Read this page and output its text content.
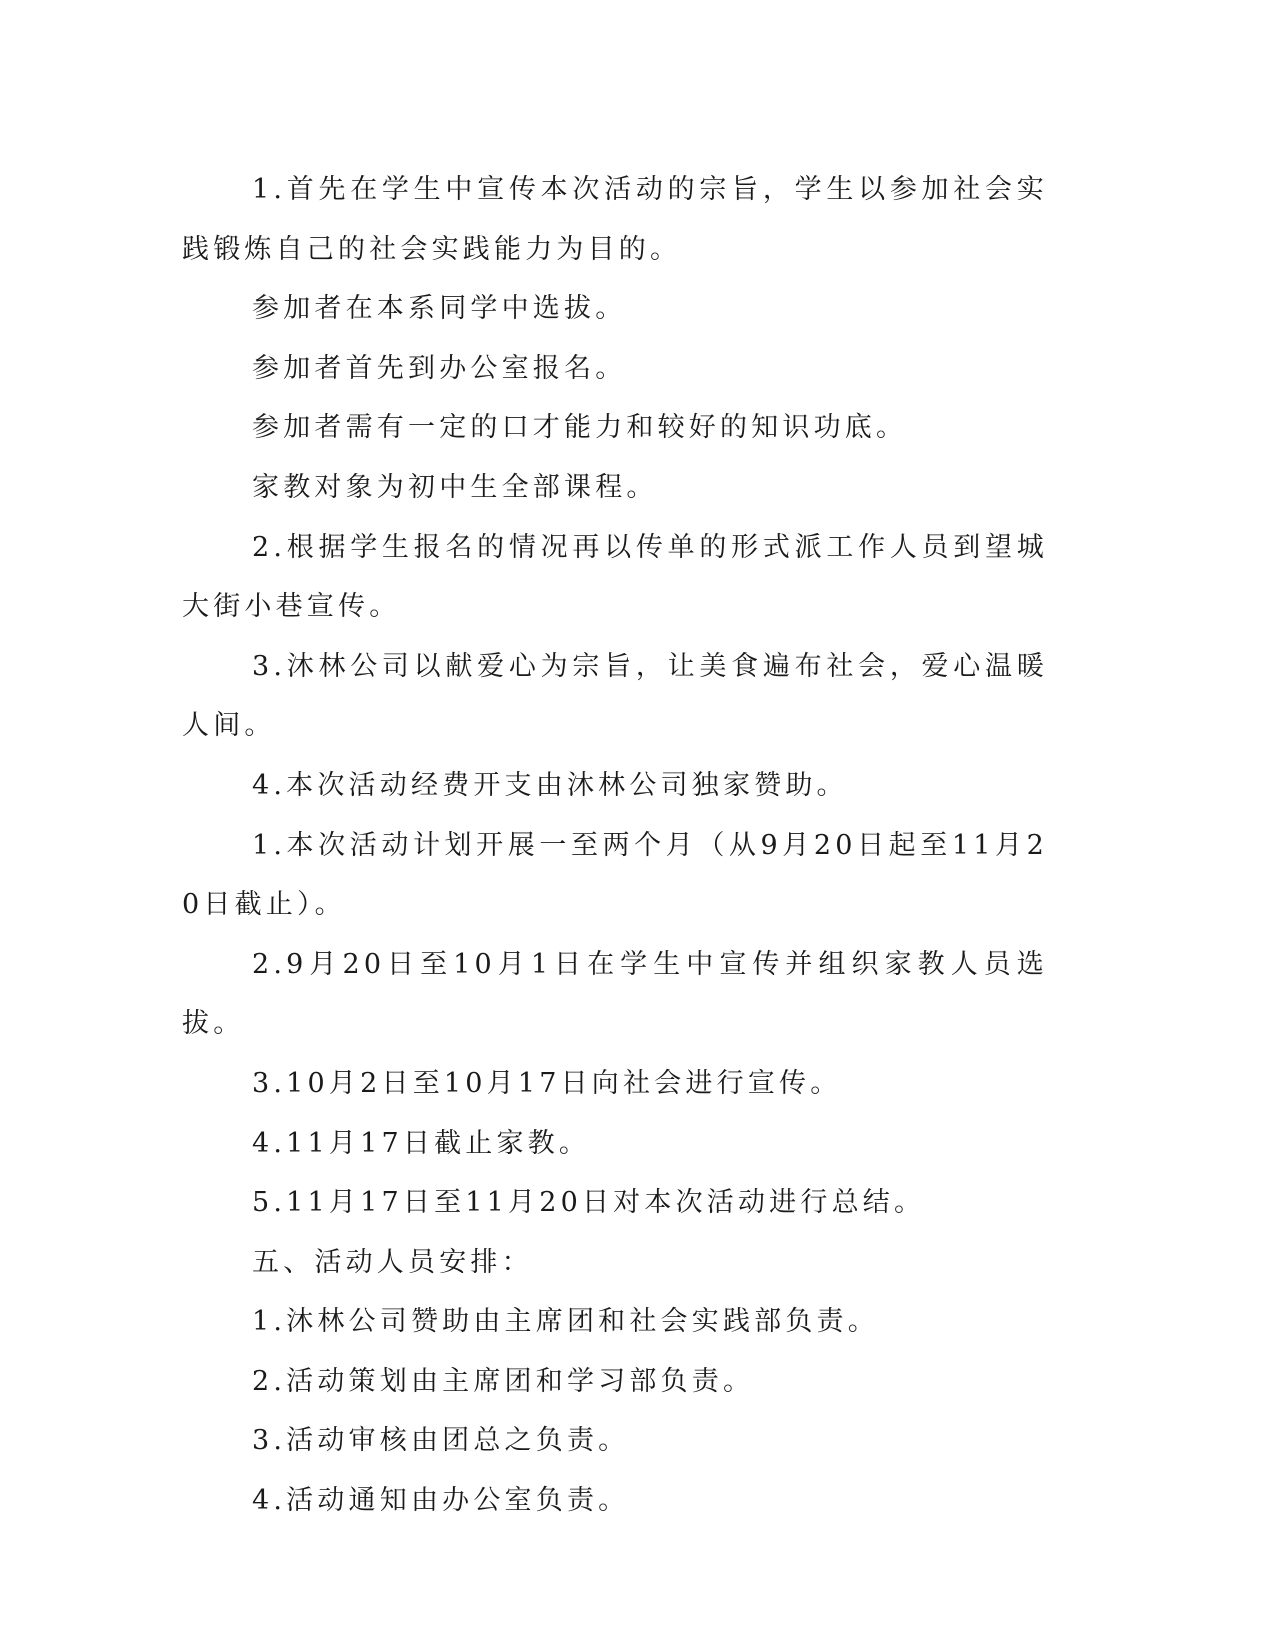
1.首先在学生中宣传本次活动的宗旨，学生以参加社会实践锻炼自己的社会实践能力为目的。

参加者在本系同学中选拔。

参加者首先到办公室报名。

参加者需有一定的口才能力和较好的知识功底。

家教对象为初中生全部课程。

2.根据学生报名的情况再以传单的形式派工作人员到望城大街小巷宣传。

3.沐林公司以献爱心为宗旨，让美食遍布社会，爱心温暖人间。

4.本次活动经费开支由沐林公司独家赞助。

1.本次活动计划开展一至两个月（从9月20日起至11月20日截止）。

2.9月20日至10月1日在学生中宣传并组织家教人员选拔。

3.10月2日至10月17日向社会进行宣传。

4.11月17日截止家教。

5.11月17日至11月20日对本次活动进行总结。

五、活动人员安排：

1.沐林公司赞助由主席团和社会实践部负责。

2.活动策划由主席团和学习部负责。

3.活动审核由团总之负责。

4.活动通知由办公室负责。
